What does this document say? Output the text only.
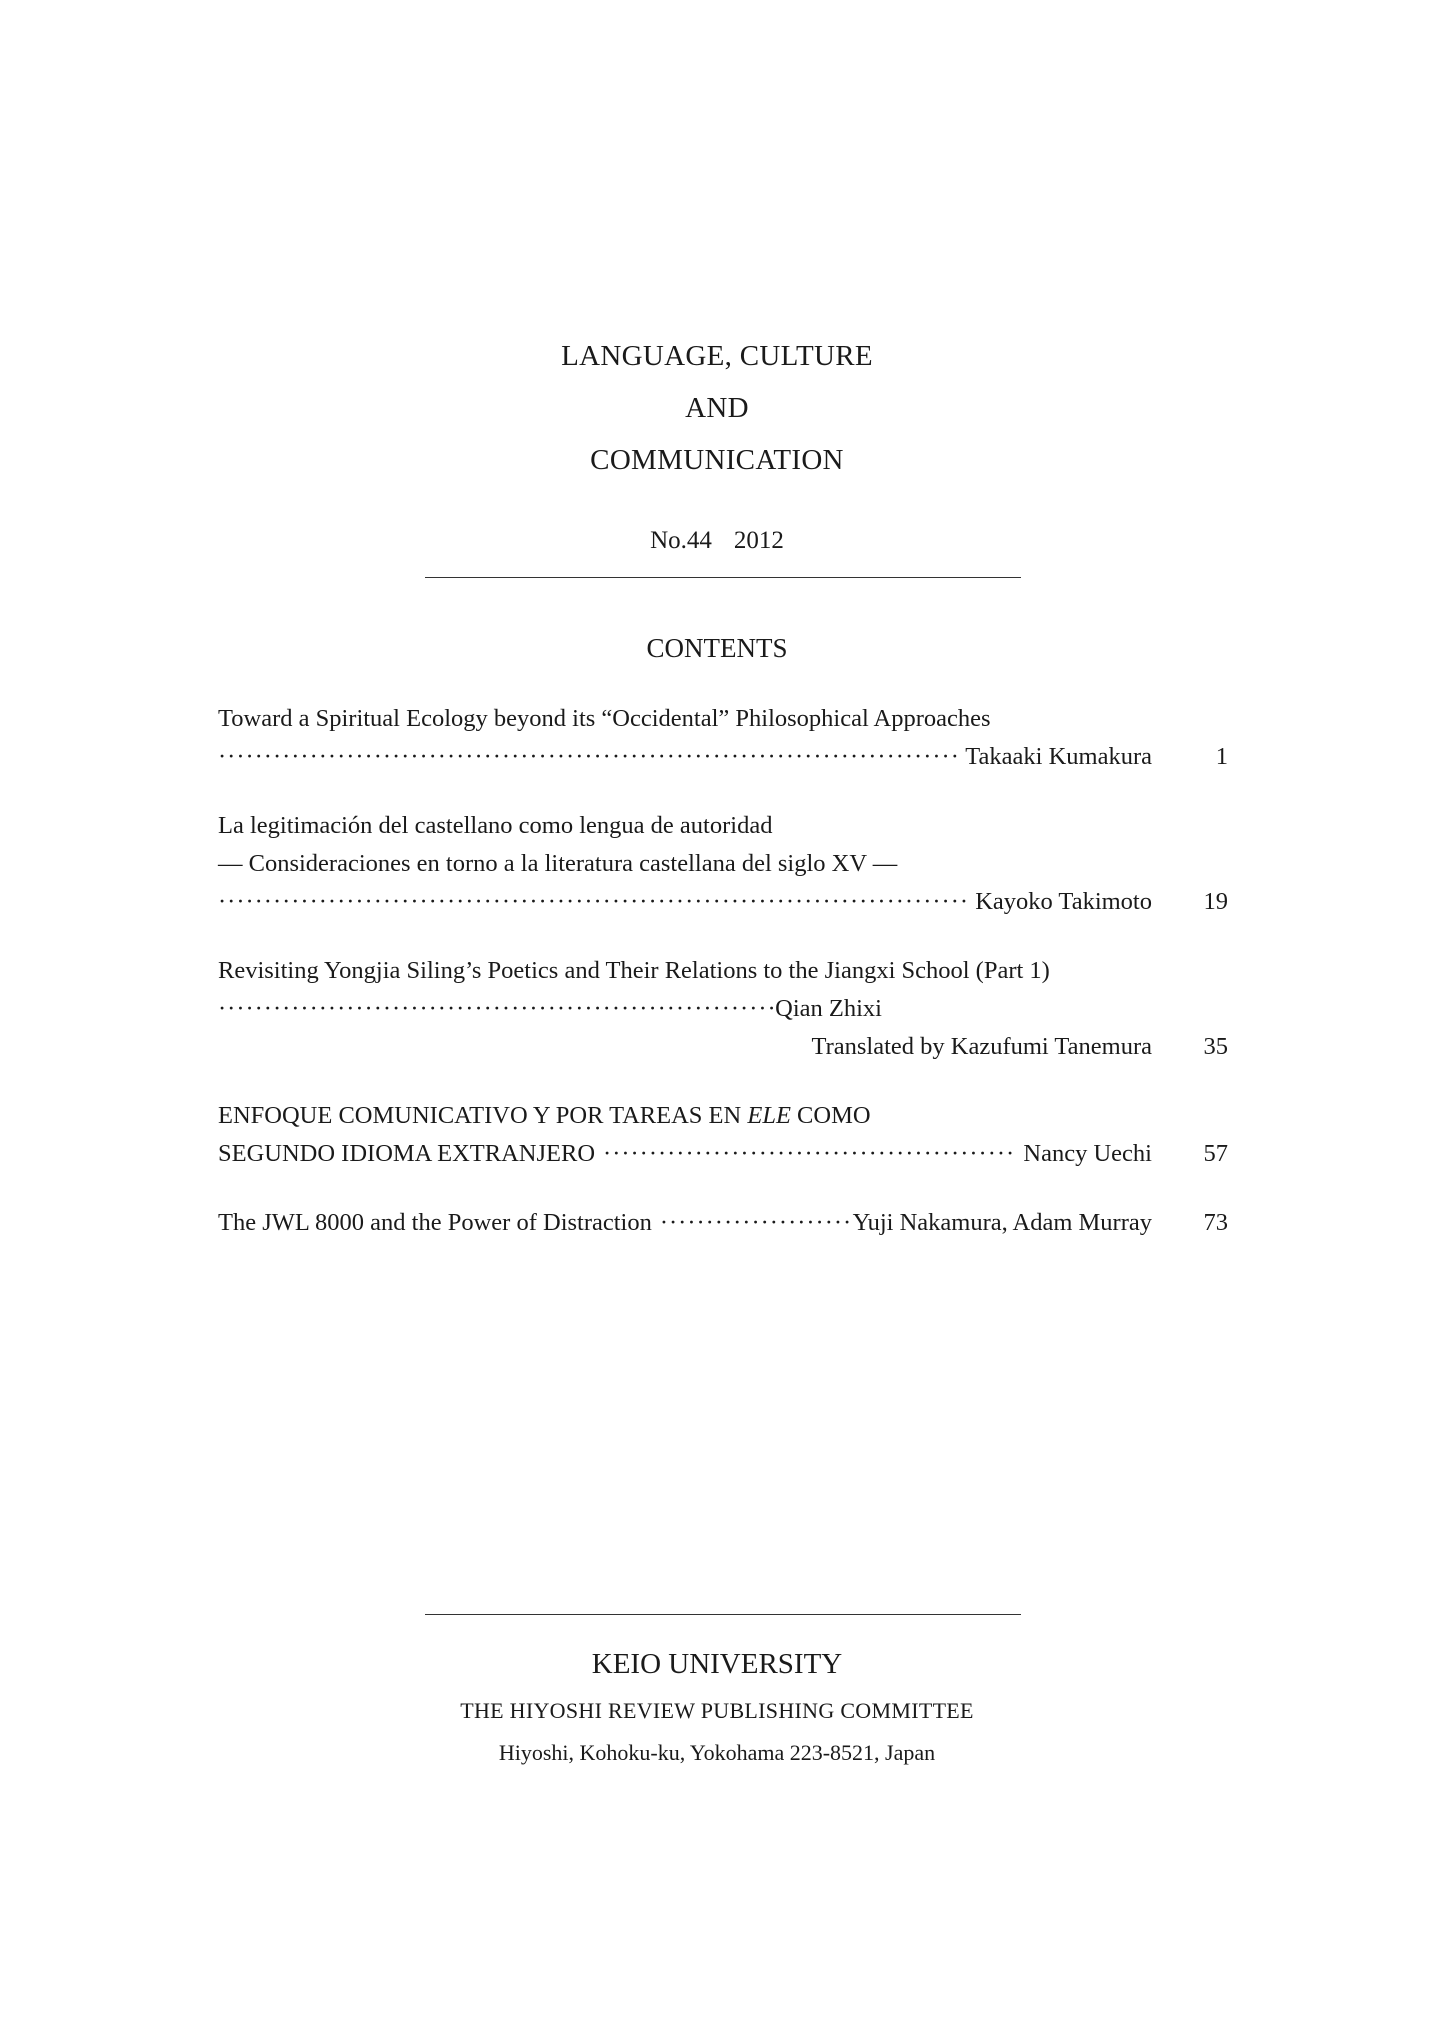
LANGUAGE, CULTURE
AND
COMMUNICATION
No.44 2012
CONTENTS
Toward a Spiritual Ecology beyond its “Occidental” Philosophical Approaches
·····
Takaaki Kumakura	1
La legitimación del castellano como lengua de autoridad
— Consideraciones en torno a la literatura castellana del siglo XV —
·····
Kayoko Takimoto	19
Revisiting Yongjia Siling’s Poetics and Their Relations to the Jiangxi School (Part 1)
·····
Qian Zhixi
Translated by Kazufumi Tanemura	35
ENFOQUE COMUNICATIVO Y POR TAREAS EN ELE COMO
SEGUNDO IDIOMA EXTRANJERO ·····	Nancy Uechi	57
The JWL 8000 and the Power of Distraction ·····	Yuji Nakamura, Adam Murray	73
KEIO UNIVERSITY
THE HIYOSHI REVIEW PUBLISHING COMMITTEE
Hiyoshi, Kohoku-ku, Yokohama 223-8521, Japan
